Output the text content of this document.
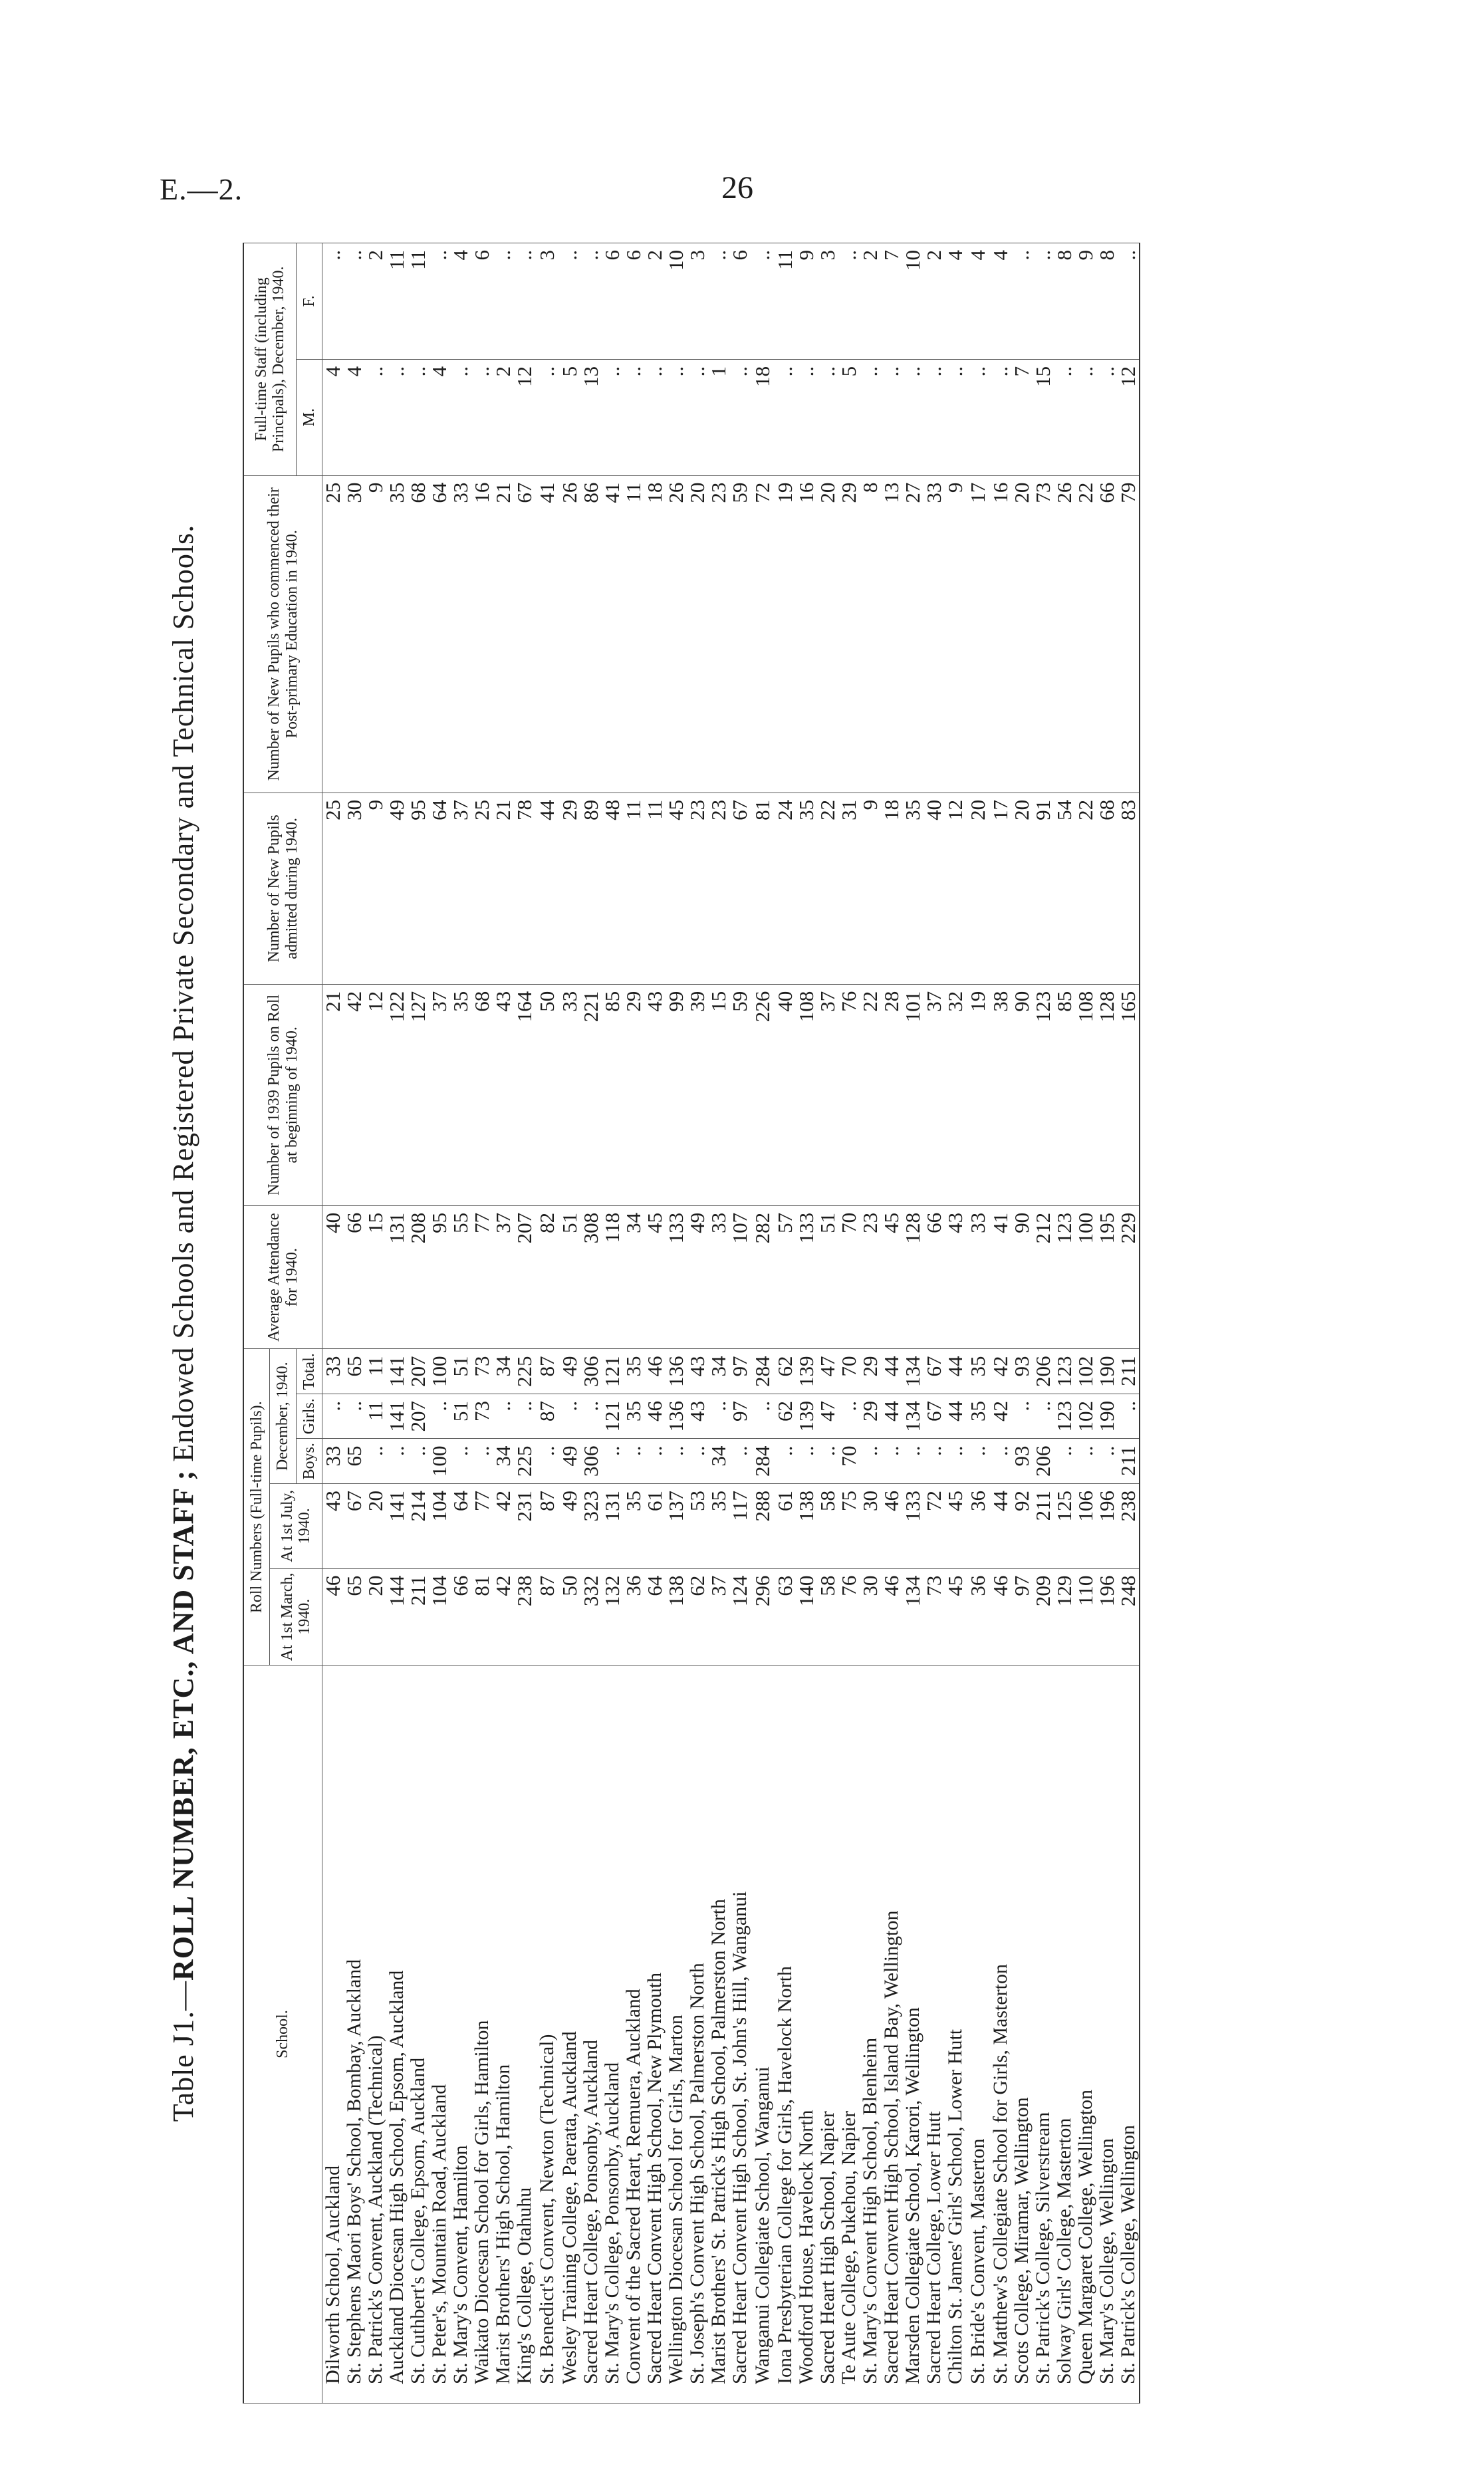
E.—2.	26
Table J1.—ROLL NUMBER, ETC., AND STAFF ; Endowed Schools and Registered Private Secondary and Technical Schools.
School.	Roll Numbers (Full-time Pupils).					Average Attendance for 1940.	Number of 1939 Pupils on Roll at beginning of 1940.	Number of New Pupils admitted during 1940.	Number of New Pupils who commenced their Post-primary Education in 1940.	Full-time Staff (including Principals), December, 1940.	
	At 1st March, 1940.	At 1st July, 1940.	December, 1940.								
			Boys.	Girls.	Total.					M.	F.
Dilworth School, Auckland	46	43	33	..	33	40	21	25	25	4	..
St. Stephens Maori Boys' School, Bombay, Auckland	65	67	65	..	65	66	42	30	30	4	..
St. Patrick's Convent, Auckland (Technical)	20	20	..	11	11	15	12	9	9	..	2
Auckland Diocesan High School, Epsom, Auckland	144	141	..	141	141	131	122	49	35	..	11
St. Cuthbert's College, Epsom, Auckland	211	214	..	207	207	208	127	95	68	..	11
St. Peter's, Mountain Road, Auckland	104	104	100	..	100	95	37	64	64	4	..
St. Mary's Convent, Hamilton	66	64	..	51	51	55	35	37	33	..	4
Waikato Diocesan School for Girls, Hamilton	81	77	..	73	73	77	68	25	16	..	6
Marist Brothers' High School, Hamilton	42	42	34	..	34	37	43	21	21	2	..
King's College, Otahuhu	238	231	225	..	225	207	164	78	67	12	..
St. Benedict's Convent, Newton (Technical)	87	87	..	87	87	82	50	44	41	..	3
Wesley Training College, Paerata, Auckland	50	49	49	..	49	51	33	29	26	5	..
Sacred Heart College, Ponsonby, Auckland	332	323	306	..	306	308	221	89	86	13	..
St. Mary's College, Ponsonby, Auckland	132	131	..	121	121	118	85	48	41	..	6
Convent of the Sacred Heart, Remuera, Auckland	36	35	..	35	35	34	29	11	11	..	6
Sacred Heart Convent High School, New Plymouth	64	61	..	46	46	45	43	11	18	..	2
Wellington Diocesan School for Girls, Marton	138	137	..	136	136	133	99	45	26	..	10
St. Joseph's Convent High School, Palmerston North	62	53	..	43	43	49	39	23	20	..	3
Marist Brothers' St. Patrick's High School, Palmerston North	37	35	34	..	34	33	15	23	23	1	..
Sacred Heart Convent High School, St. John's Hill, Wanganui	124	117	..	97	97	107	59	67	59	..	6
Wanganui Collegiate School, Wanganui	296	288	284	..	284	282	226	81	72	18	..
Iona Presbyterian College for Girls, Havelock North	63	61	..	62	62	57	40	24	19	..	11
Woodford House, Havelock North	140	138	..	139	139	133	108	35	16	..	9
Sacred Heart High School, Napier	58	58	..	47	47	51	37	22	20	..	3
Te Aute College, Pukehou, Napier	76	75	70	..	70	70	76	31	29	5	..
St. Mary's Convent High School, Blenheim	30	30	..	29	29	23	22	9	8	..	2
Sacred Heart Convent High School, Island Bay, Wellington	46	46	..	44	44	45	28	18	13	..	7
Marsden Collegiate School, Karori, Wellington	134	133	..	134	134	128	101	35	27	..	10
Sacred Heart College, Lower Hutt	73	72	..	67	67	66	37	40	33	..	2
Chilton St. James' Girls' School, Lower Hutt	45	45	..	44	44	43	32	12	9	..	4
St. Bride's Convent, Masterton	36	36	..	35	35	33	19	20	17	..	4
St. Matthew's Collegiate School for Girls, Masterton	46	44	..	42	42	41	38	17	16	..	4
Scots College, Miramar, Wellington	97	92	93	..	93	90	90	20	20	7	..
St. Patrick's College, Silverstream	209	211	206	..	206	212	123	91	73	15	..
Solway Girls' College, Masterton	129	125	..	123	123	123	85	54	26	..	8
Queen Margaret College, Wellington	110	106	..	102	102	100	108	22	22	..	9
St. Mary's College, Wellington	196	196	..	190	190	195	128	68	66	..	8
St. Patrick's College, Wellington	248	238	211	..	211	229	165	83	79	12	..
